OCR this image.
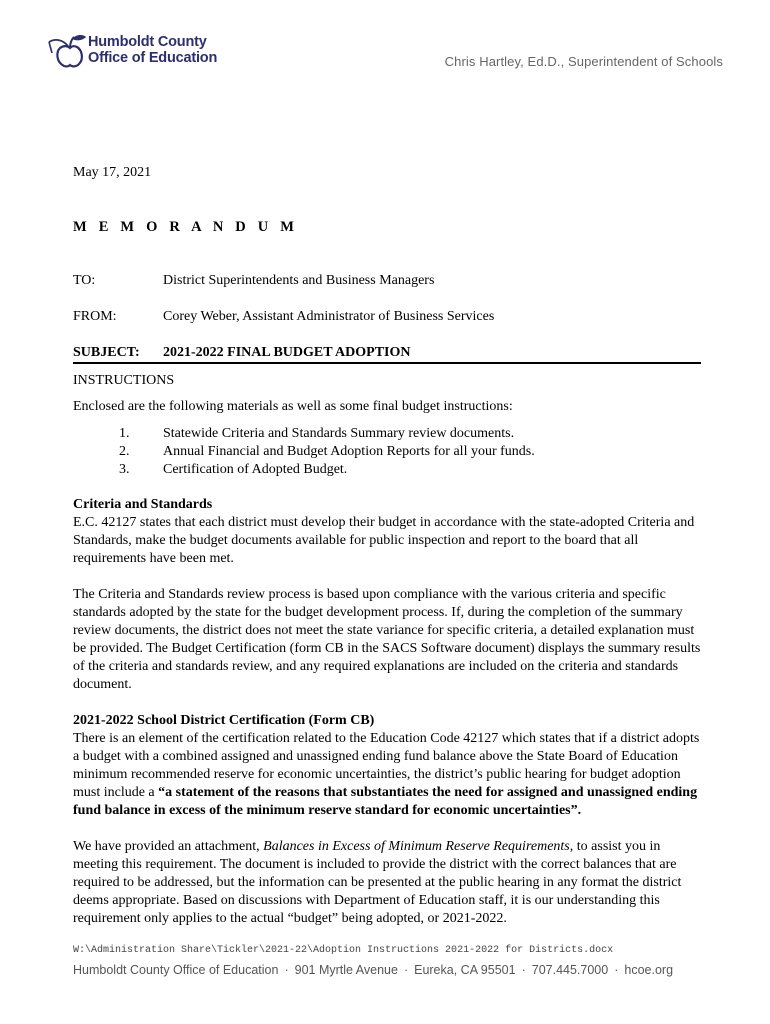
Humboldt County
Office of Education	Chris Hartley, Ed.D., Superintendent of Schools
May 17, 2021
M E M O R A N D U M
TO:	District Superintendents and Business Managers
FROM:	Corey Weber, Assistant Administrator of Business Services
SUBJECT: 2021-2022 FINAL BUDGET ADOPTION
INSTRUCTIONS
Enclosed are the following materials as well as some final budget instructions:
1. Statewide Criteria and Standards Summary review documents.
2. Annual Financial and Budget Adoption Reports for all your funds.
3. Certification of Adopted Budget.
Criteria and Standards

E.C. 42127 states that each district must develop their budget in accordance with the state-adopted Criteria and Standards, make the budget documents available for public inspection and report to the board that all requirements have been met.

The Criteria and Standards review process is based upon compliance with the various criteria and specific standards adopted by the state for the budget development process. If, during the completion of the summary review documents, the district does not meet the state variance for specific criteria, a detailed explanation must be provided. The Budget Certification (form CB in the SACS Software document) displays the summary results of the criteria and standards review, and any required explanations are included on the criteria and standards document.

2021-2022 School District Certification (Form CB)

There is an element of the certification related to the Education Code 42127 which states that if a district adopts a budget with a combined assigned and unassigned ending fund balance above the State Board of Education minimum recommended reserve for economic uncertainties, the district’s public hearing for budget adoption must include a “a statement of the reasons that substantiates the need for assigned and unassigned ending fund balance in excess of the minimum reserve standard for economic uncertainties”.

We have provided an attachment, Balances in Excess of Minimum Reserve Requirements, to assist you in meeting this requirement. The document is included to provide the district with the correct balances that are required to be addressed, but the information can be presented at the public hearing in any format the district deems appropriate. Based on discussions with Department of Education staff, it is our understanding this requirement only applies to the actual “budget” being adopted, or 2021-2022.

W:\Administration Share\Tickler\2021-22\Adoption Instructions 2021-2022 for Districts.docx
Humboldt County Office of Education · 901 Myrtle Avenue · Eureka, CA 95501 · 707.445.7000 · hcoe.org
